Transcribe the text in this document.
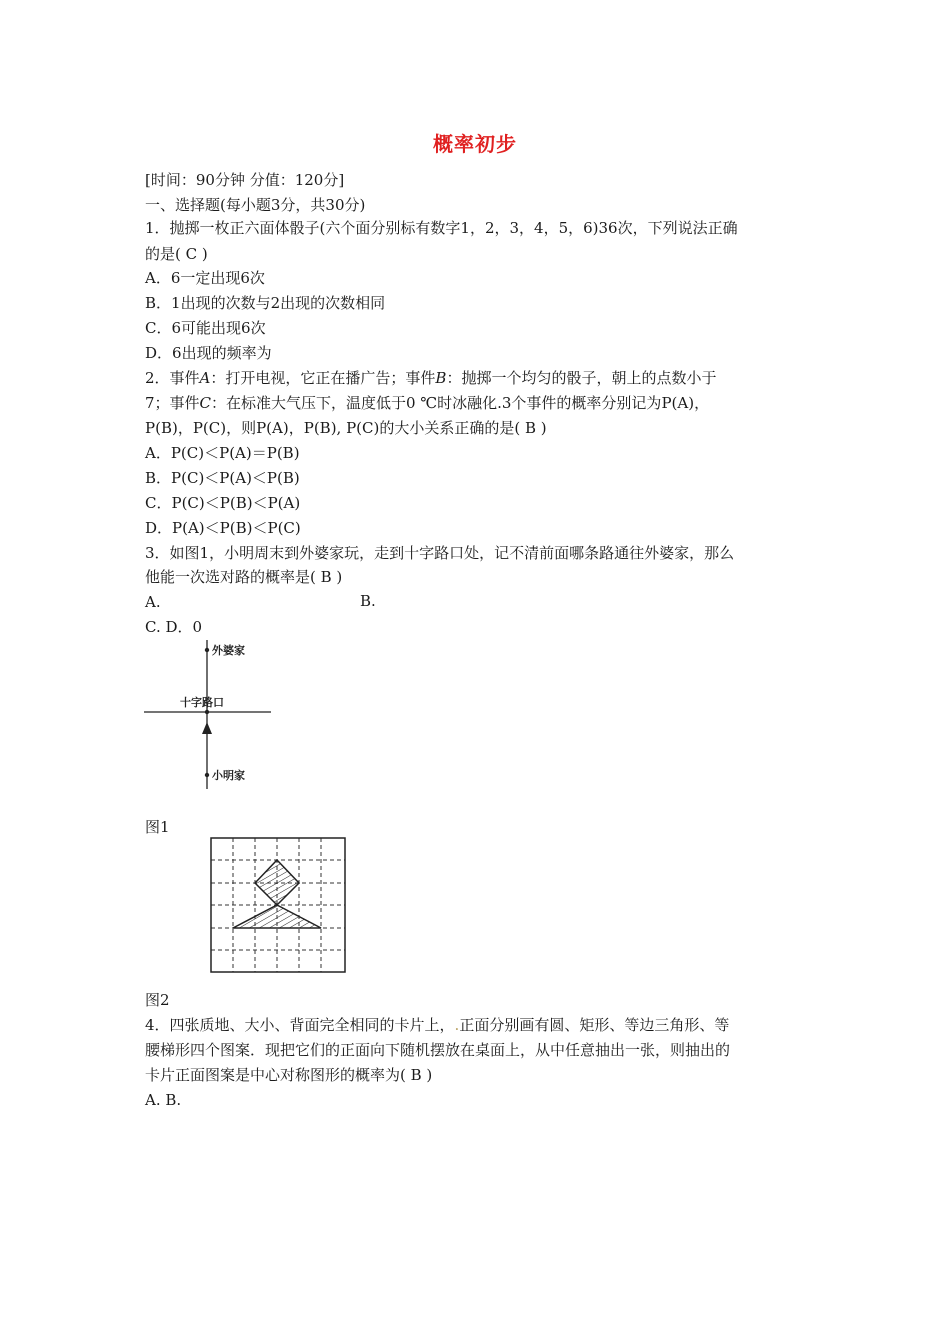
概率初步
[时间：90分钟 分值：120分]
一、选择题(每小题3分，共30分)
1．抛掷一枚正六面体骰子(六个面分别标有数字1，2，3，4，5，6)36次，下列说法正确
的是( C )
A．6一定出现6次
B．1出现的次数与2出现的次数相同
C．6可能出现6次
D．6出现的频率为
2．事件A：打开电视，它正在播广告；事件B：抛掷一个均匀的骰子，朝上的点数小于
7；事件C：在标准大气压下，温度低于0 ℃时冰融化.3个事件的概率分别记为P(A)，
P(B)，P(C)，则P(A)，P(B), P(C)的大小关系正确的是( B )
A．P(C)＜P(A)＝P(B)
B．P(C)＜P(A)＜P(B)
C．P(C)＜P(B)＜P(A)
D．P(A)＜P(B)＜P(C)
3．如图1，小明周末到外婆家玩，走到十字路口处，记不清前面哪条路通往外婆家，那么
他能一次选对路的概率是( B )
A.	B.
C. D．0
外婆家
十字路口
小明家
图1
图2
4．四张质地、大小、背面完全相同的卡片上，.正面分别画有圆、矩形、等边三角形、等
腰梯形四个图案．现把它们的正面向下随机摆放在桌面上，从中任意抽出一张，则抽出的
卡片正面图案是中心对称图形的概率为( B )
A. B.
